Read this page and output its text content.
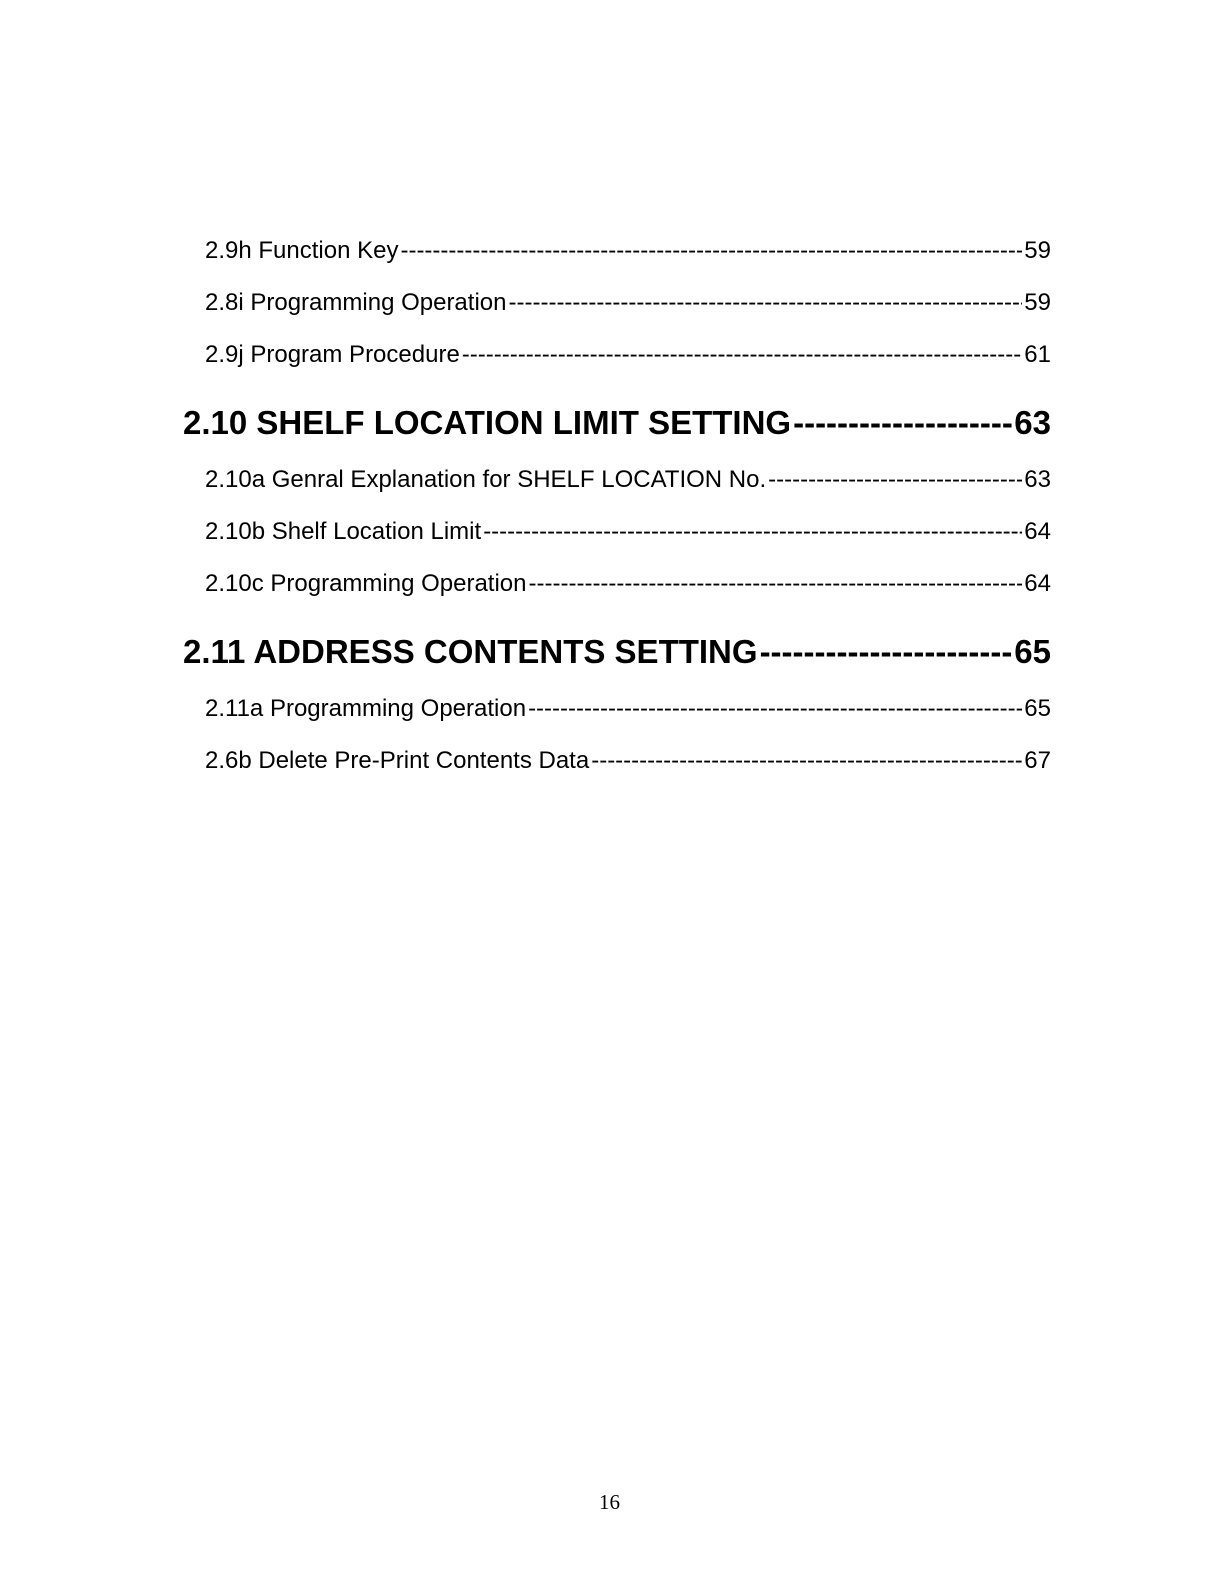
2.9h Function Key -----	59
2.8i Programming Operation -----	59
2.9j Program Procedure -----	61
2.10 SHELF LOCATION LIMIT SETTING -----	63
2.10a Genral Explanation for SHELF LOCATION No. -----	63
2.10b Shelf Location Limit -----	64
2.10c Programming Operation -----	64
2.11 ADDRESS CONTENTS SETTING -----	65
2.11a Programming Operation -----	65
2.6b Delete Pre-Print Contents Data -----	67
16
